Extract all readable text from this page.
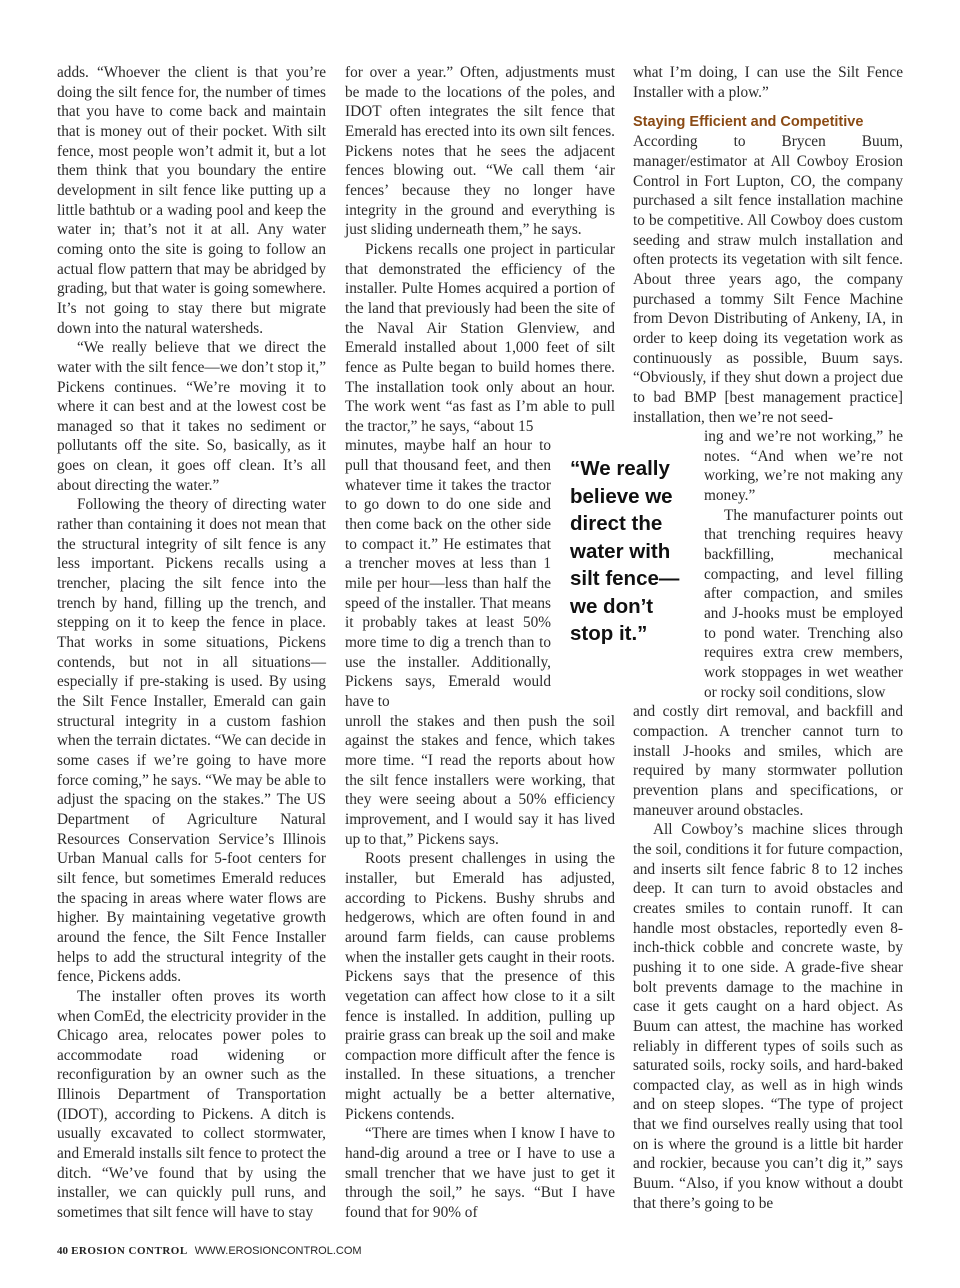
adds. “Whoever the client is that you’re doing the silt fence for, the number of times that you have to come back and maintain that is money out of their pocket. With silt fence, most people won’t admit it, but a lot them think that you boundary the entire development in silt fence like putting up a little bathtub or a wading pool and keep the water in; that’s not it at all. Any water coming onto the site is going to follow an actual flow pattern that may be abridged by grading, but that water is going somewhere. It’s not going to stay there but migrate down into the natural watersheds.

“We really believe that we direct the water with the silt fence—we don’t stop it,” Pickens continues. “We’re moving it to where it can best and at the lowest cost be managed so that it takes no sediment or pollutants off the site. So, basically, as it goes on clean, it goes off clean. It’s all about directing the water.”

Following the theory of directing water rather than containing it does not mean that the structural integrity of silt fence is any less important. Pickens recalls using a trencher, placing the silt fence into the trench by hand, filling up the trench, and stepping on it to keep the fence in place. That works in some situations, Pickens contends, but not in all situations—especially if pre-staking is used. By using the Silt Fence Installer, Emerald can gain structural integrity in a custom fashion when the terrain dictates. “We can decide in some cases if we’re going to have more force coming,” he says. “We may be able to adjust the spacing on the stakes.” The US Department of Agriculture Natural Resources Conservation Service’s Illinois Urban Manual calls for 5-foot centers for silt fence, but sometimes Emerald reduces the spacing in areas where water flows are higher. By maintaining vegetative growth around the fence, the Silt Fence Installer helps to add the structural integrity of the fence, Pickens adds.

The installer often proves its worth when ComEd, the electricity provider in the Chicago area, relocates power poles to accommodate road widening or reconfiguration by an owner such as the Illinois Department of Transportation (IDOT), according to Pickens. A ditch is usually excavated to collect stormwater, and Emerald installs silt fence to protect the ditch. “We’ve found that by using the installer, we can quickly pull runs, and sometimes that silt fence will have to stay

for over a year.” Often, adjustments must be made to the locations of the poles, and IDOT often integrates the silt fence that Emerald has erected into its own silt fences. Pickens notes that he sees the adjacent fences blowing out. “We call them ‘air fences’ because they no longer have integrity in the ground and everything is just sliding underneath them,” he says.

Pickens recalls one project in particular that demonstrated the efficiency of the installer. Pulte Homes acquired a portion of the land that previously had been the site of the Naval Air Station Glenview, and Emerald installed about 1,000 feet of silt fence as Pulte began to build homes there. The installation took only about an hour. The work went “as fast as I’m able to pull the tractor,” he says, “about 15

minutes, maybe half an hour to pull that thousand feet, and then whatever time it takes the tractor to go down to do one side and then come back on the other side to compact it.” He estimates that a trencher moves at less than 1 mile per hour—less than half the speed of the installer. That means it probably takes at least 50% more time to dig a trench than to use the installer. Additionally, Pickens says, Emerald would have to

unroll the stakes and then push the soil against the stakes and fence, which takes more time. “I read the reports about how the silt fence installers were working, that they were seeing about a 50% efficiency improvement, and I would say it has lived up to that,” Pickens says.

Roots present challenges in using the installer, but Emerald has adjusted, according to Pickens. Bushy shrubs and hedgerows, which are often found in and around farm fields, can cause problems when the installer gets caught in their roots. Pickens says that the presence of this vegetation can affect how close to it a silt fence is installed. In addition, pulling up prairie grass can break up the soil and make compaction more difficult after the fence is installed. In these situations, a trencher might actually be a better alternative, Pickens contends.

“There are times when I know I have to hand-dig around a tree or I have to use a small trencher that we have just to get it through the soil,” he says. “But I have found that for 90% of

“We really believe we direct the water with silt fence— we don’t stop it.”

what I’m doing, I can use the Silt Fence Installer with a plow.”

Staying Efficient and Competitive

According to Brycen Buum, manager/estimator at All Cowboy Erosion Control in Fort Lupton, CO, the company purchased a silt fence installation machine to be competitive. All Cowboy does custom seeding and straw mulch installation and often protects its vegetation with silt fence. About three years ago, the company purchased a tommy Silt Fence Machine from Devon Distributing of Ankeny, IA, in order to keep doing its vegetation work as continuously as possible, Buum says. “Obviously, if they shut down a project due to bad BMP [best management practice] installation, then we’re not seed-

ing and we’re not working,” he notes. “And when we’re not working, we’re not making any money.”

The manufacturer points out that trenching requires heavy backfilling, mechanical compacting, and level filling after compaction, and smiles and J-hooks must be employed to pond water. Trenching also requires extra crew members, work stoppages in wet weather or rocky soil conditions, slow

and costly dirt removal, and backfill and compaction. A trencher cannot turn to install J-hooks and smiles, which are required by many stormwater pollution prevention plans and specifications, or maneuver around obstacles.

All Cowboy’s machine slices through the soil, conditions it for future compaction, and inserts silt fence fabric 8 to 12 inches deep. It can turn to avoid obstacles and creates smiles to contain runoff. It can handle most obstacles, reportedly even 8-inch-thick cobble and concrete waste, by pushing it to one side. A grade-five shear bolt prevents damage to the machine in case it gets caught on a hard object. As Buum can attest, the machine has worked reliably in different types of soils such as saturated soils, rocky soils, and hard-baked compacted clay, as well as in high winds and on steep slopes. “The type of project that we find ourselves really using that tool on is where the ground is a little bit harder and rockier, because you can’t dig it,” says Buum. “Also, if you know without a doubt that there’s going to be

40 EROSION CONTROL WWW.EROSIONCONTROL.COM
